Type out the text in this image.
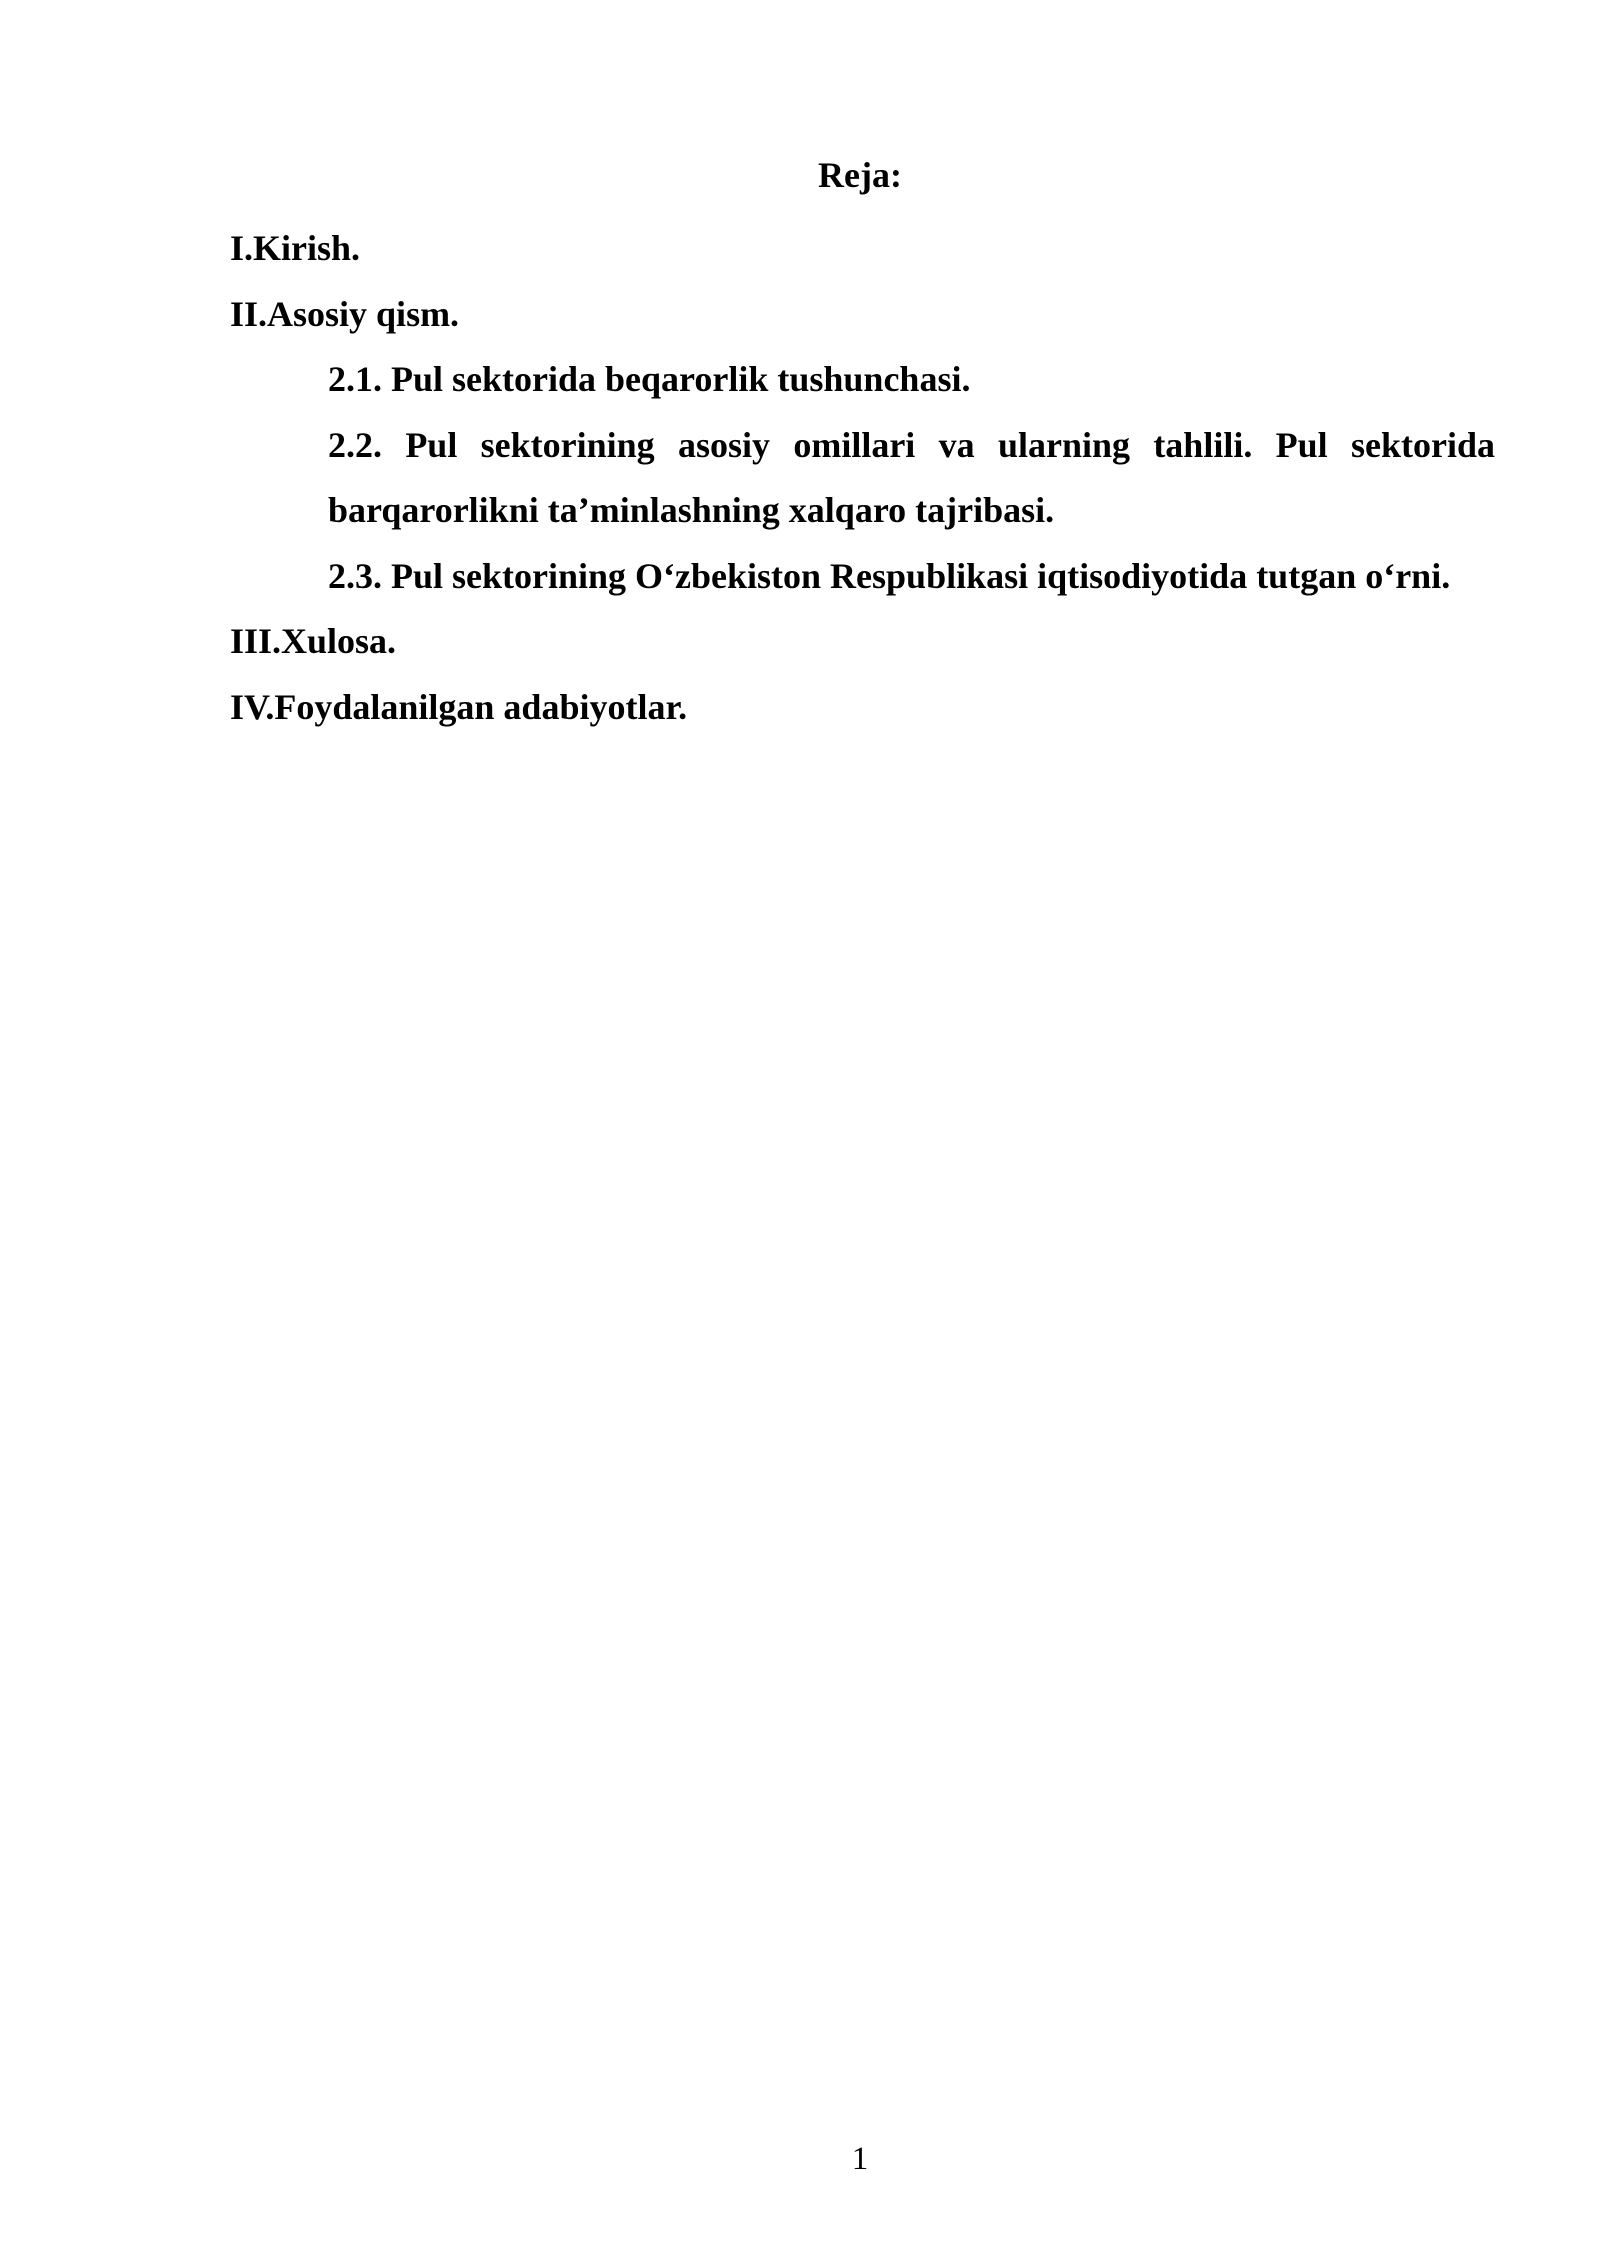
Reja:

I.Kirish.

II.Asosiy qism.

2.1. Pul sektorida beqarorlik tushunchasi.

2.2. Pul sektorining asosiy omillari va ularning tahlili. Pul sektorida barqarorlikni ta’minlashning xalqaro tajribasi.

2.3. Pul sektorining O‘zbekiston Respublikasi iqtisodiyotida tutgan o‘rni.

III.Xulosa.

IV.Foydalanilgan adabiyotlar.

1
